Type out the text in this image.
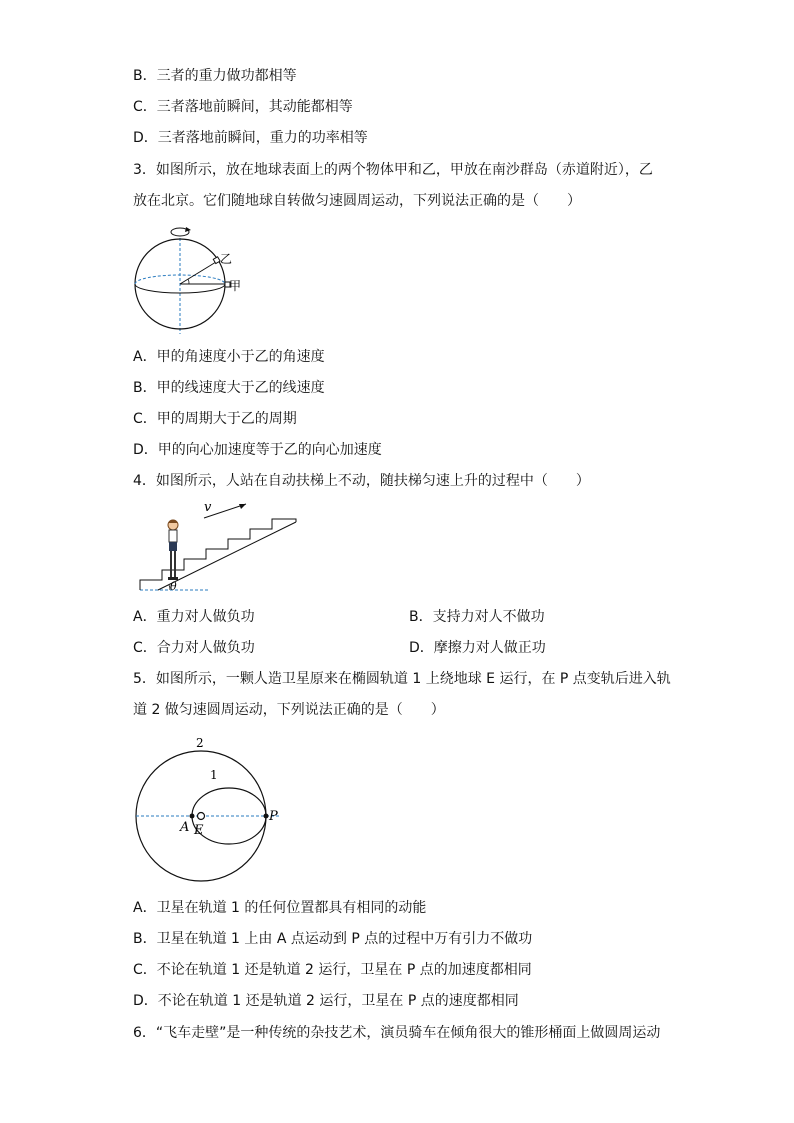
B．三者的重力做功都相等
C．三者落地前瞬间，其动能都相等
D．三者落地前瞬间，重力的功率相等
3．如图所示，放在地球表面上的两个物体甲和乙，甲放在南沙群岛（赤道附近），乙
放在北京。它们随地球自转做匀速圆周运动，下列说法正确的是（　　）
乙
甲
A．甲的角速度小于乙的角速度
B．甲的线速度大于乙的线速度
C．甲的周期大于乙的周期
D．甲的向心加速度等于乙的向心加速度
4．如图所示，人站在自动扶梯上不动，随扶梯匀速上升的过程中（　　）
θ
v
A．重力对人做负功	B．支持力对人不做功
C．合力对人做负功	D．摩擦力对人做正功
5．如图所示，一颗人造卫星原来在椭圆轨道 1 上绕地球 E 运行，在 P 点变轨后进入轨
道 2 做匀速圆周运动，下列说法正确的是（　　）
2
1
A E
P
A．卫星在轨道 1 的任何位置都具有相同的动能
B．卫星在轨道 1 上由 A 点运动到 P 点的过程中万有引力不做功
C．不论在轨道 1 还是轨道 2 运行，卫星在 P 点的加速度都相同
D．不论在轨道 1 还是轨道 2 运行，卫星在 P 点的速度都相同
6．“飞车走壁”是一种传统的杂技艺术，演员骑车在倾角很大的锥形桶面上做圆周运动
